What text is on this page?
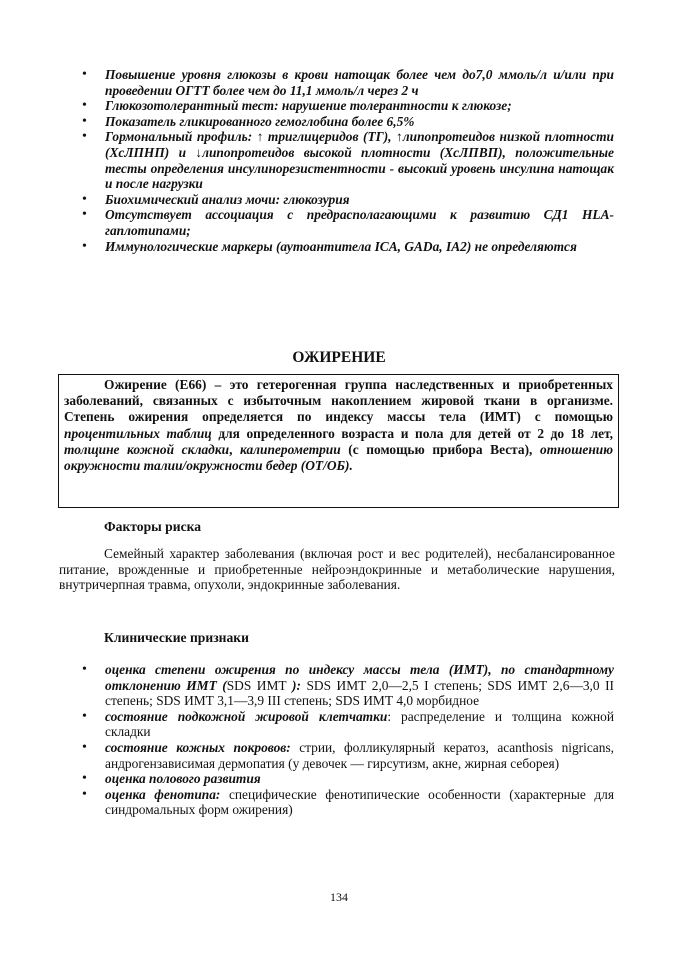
• Повышение уровня глюкозы в крови натощак более чем до7,0 ммоль/л и/или при проведении ОГТТ более чем до 11,1 ммоль/л через 2 ч
• Глюкозотолерантный тест: нарушение толерантности к глюкозе;
• Показатель гликированного гемоглобина более 6,5%
• Гормональный профиль: ↑ триглицеридов (ТГ), ↑липопротеидов низкой плотности (ХсЛПНП) и ↓липопротеидов высокой плотности (ХсЛПВП), положительные тесты определения инсулинорезистентности - высокий уровень инсулина натощак и после нагрузки
• Биохимический анализ мочи: глюкозурия
• Отсутствует ассоциация с предрасполагающими к развитию СД1 HLA-гаплотипами;
• Иммунологические маркеры (аутоантитела ICA, GADa, IA2) не определяются
ОЖИРЕНИЕ

Ожирение (Е66) – это гетерогенная группа наследственных и приобретенных заболеваний, связанных с избыточным накоплением жировой ткани в организме. Степень ожирения определяется по индексу массы тела (ИМТ) с помощью процентильных таблиц для определенного возраста и пола для детей от 2 до 18 лет, толщине кожной складки, калиперометрии (с помощью прибора Веста), отношению окружности талии/окружности бедер (ОТ/ОБ).

Факторы риска

Семейный характер заболевания (включая рост и вес родителей), несбалансированное питание, врожденные и приобретенные нейроэндокринные и метаболические нарушения, внутричерпная травма, опухоли, эндокринные заболевания.

Клинические признаки
• оценка степени ожирения по индексу массы тела (ИМТ), по стандартному отклонению ИМТ (SDS ИМТ ): SDS ИМТ 2,0—2,5 I степень; SDS ИМТ 2,6—3,0 II степень; SDS ИМТ 3,1—3,9 III степень; SDS ИМТ 4,0 морбидное
• состояние подкожной жировой клетчатки: распределение и толщина кожной складки
• состояние кожных покровов: стрии, фолликулярный кератоз, acanthosis nigricans, андрогензависимая дермопатия (у девочек — гирсутизм, акне, жирная себорея)
• оценка полового развития
• оценка фенотипа: специфические фенотипические особенности (характерные для синдромальных форм ожирения)
134
